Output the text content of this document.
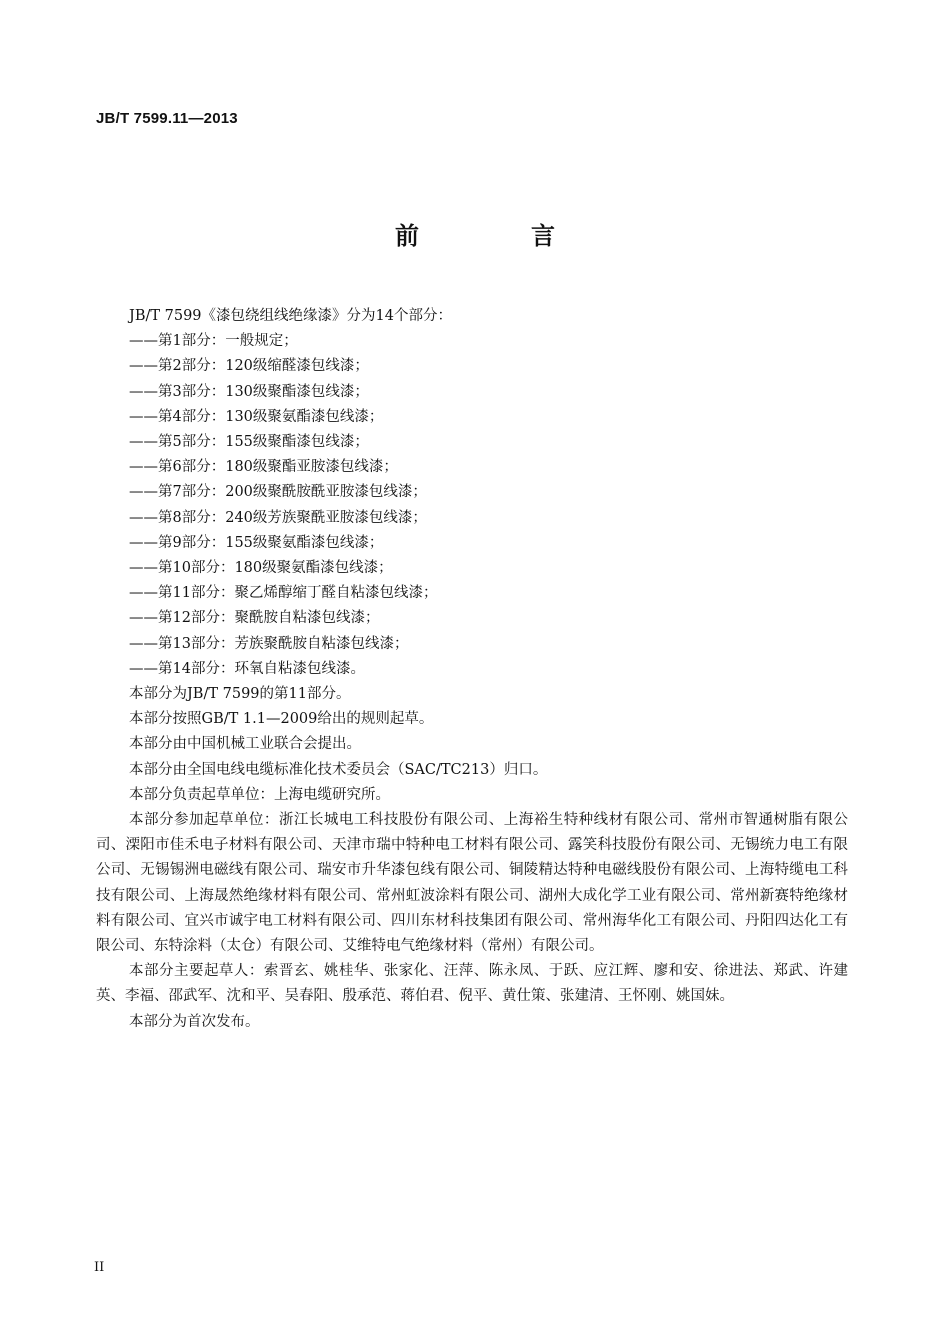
JB/T 7599.11—2013
前　言

JB/T 7599《漆包绕组线绝缘漆》分为14个部分：

——第1部分：一般规定；

——第2部分：120级缩醛漆包线漆；

——第3部分：130级聚酯漆包线漆；

——第4部分：130级聚氨酯漆包线漆；

——第5部分：155级聚酯漆包线漆；

——第6部分：180级聚酯亚胺漆包线漆；

——第7部分：200级聚酰胺酰亚胺漆包线漆；

——第8部分：240级芳族聚酰亚胺漆包线漆；

——第9部分：155级聚氨酯漆包线漆；

——第10部分：180级聚氨酯漆包线漆；

——第11部分：聚乙烯醇缩丁醛自粘漆包线漆；

——第12部分：聚酰胺自粘漆包线漆；

——第13部分：芳族聚酰胺自粘漆包线漆；

——第14部分：环氧自粘漆包线漆。

本部分为JB/T 7599的第11部分。

本部分按照GB/T 1.1—2009给出的规则起草。

本部分由中国机械工业联合会提出。

本部分由全国电线电缆标准化技术委员会（SAC/TC213）归口。

本部分负责起草单位：上海电缆研究所。

本部分参加起草单位：浙江长城电工科技股份有限公司、上海裕生特种线材有限公司、常州市智通树脂有限公司、溧阳市佳禾电子材料有限公司、天津市瑞中特种电工材料有限公司、露笑科技股份有限公司、无锡统力电工有限公司、无锡锡洲电磁线有限公司、瑞安市升华漆包线有限公司、铜陵精达特种电磁线股份有限公司、上海特缆电工科技有限公司、上海晟然绝缘材料有限公司、常州虹波涂料有限公司、湖州大成化学工业有限公司、常州新赛特绝缘材料有限公司、宜兴市诚宇电工材料有限公司、四川东材科技集团有限公司、常州海华化工有限公司、丹阳四达化工有限公司、东特涂料（太仓）有限公司、艾维特电气绝缘材料（常州）有限公司。

本部分主要起草人：索晋玄、姚桂华、张家化、汪萍、陈永凤、于跃、应江辉、廖和安、徐进法、郑武、许建英、李福、邵武军、沈和平、吴春阳、殷承范、蒋伯君、倪平、黄仕策、张建清、王怀刚、姚国妹。

本部分为首次发布。

II
